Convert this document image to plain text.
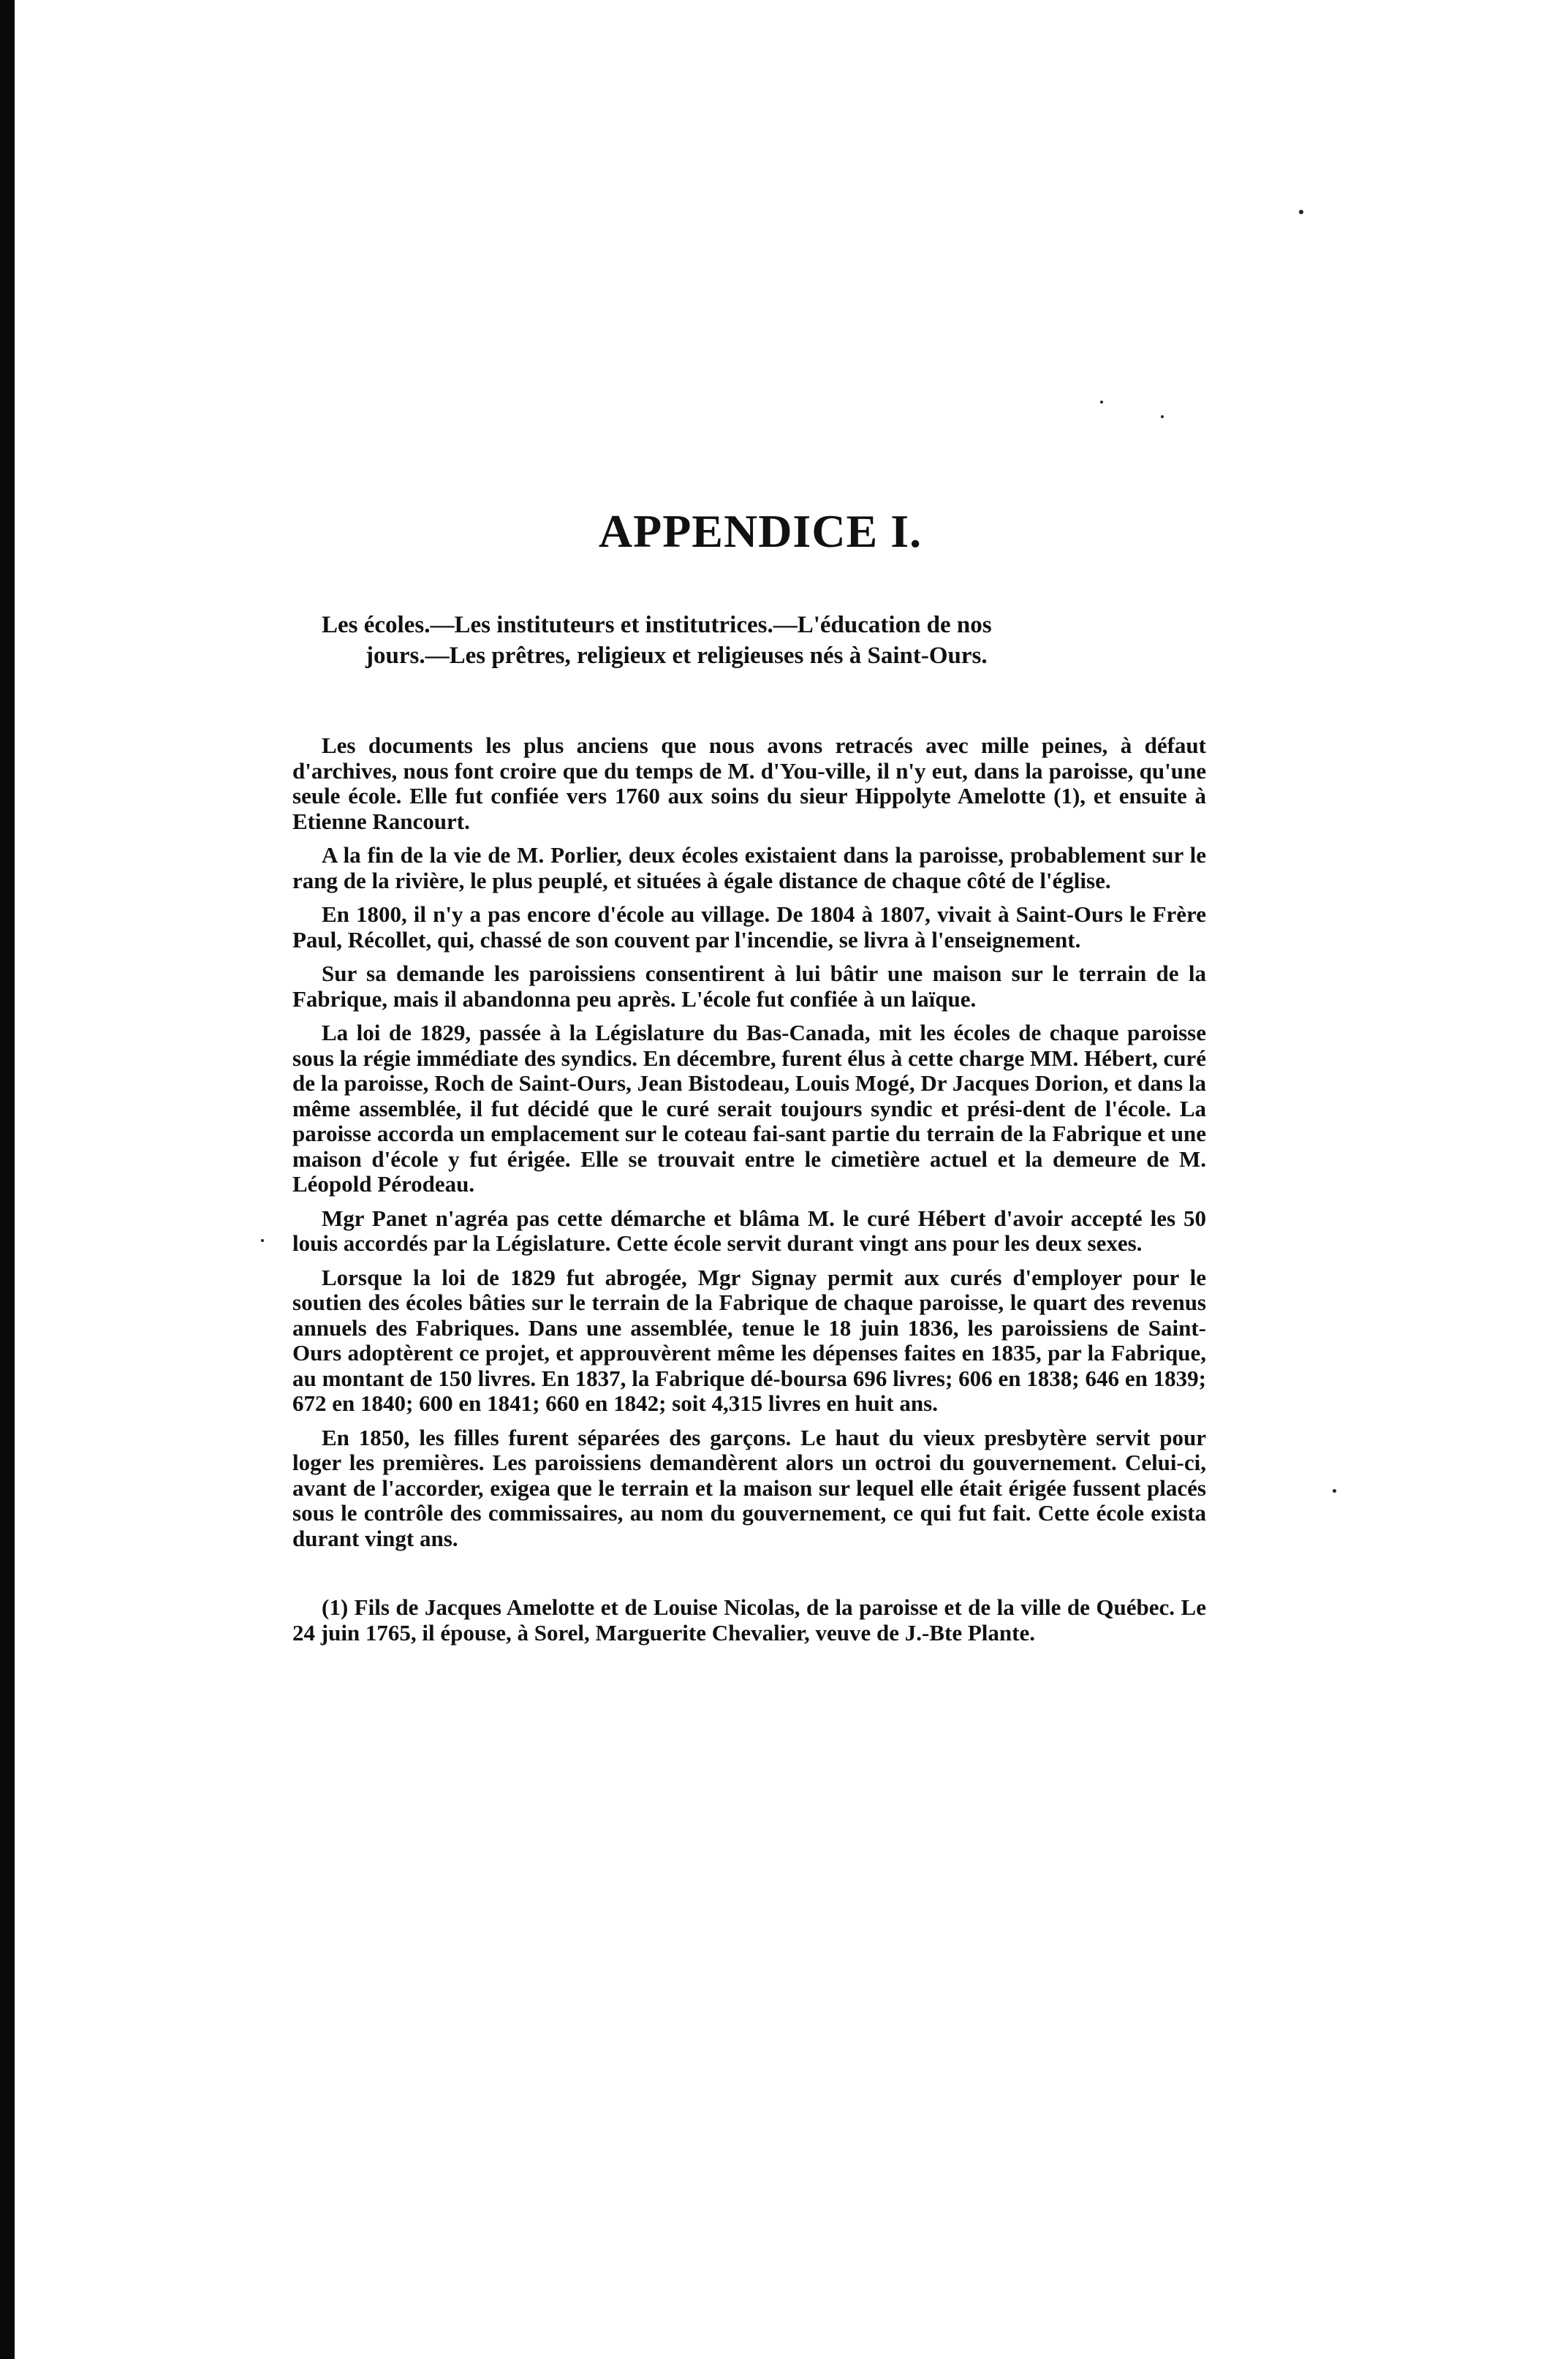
APPENDICE I.

Les écoles.—Les instituteurs et institutrices.—L'éducation de nos
jours.—Les prêtres, religieux et religieuses nés à Saint-Ours.

Les documents les plus anciens que nous avons retracés avec mille peines, à défaut d'archives, nous font croire que du temps de M. d'You-ville, il n'y eut, dans la paroisse, qu'une seule école. Elle fut confiée vers 1760 aux soins du sieur Hippolyte Amelotte (1), et ensuite à Etienne Rancourt.

A la fin de la vie de M. Porlier, deux écoles existaient dans la paroisse, probablement sur le rang de la rivière, le plus peuplé, et situées à égale distance de chaque côté de l'église.

En 1800, il n'y a pas encore d'école au village. De 1804 à 1807, vivait à Saint-Ours le Frère Paul, Récollet, qui, chassé de son couvent par l'incendie, se livra à l'enseignement.

Sur sa demande les paroissiens consentirent à lui bâtir une maison sur le terrain de la Fabrique, mais il abandonna peu après. L'école fut confiée à un laïque.

La loi de 1829, passée à la Législature du Bas-Canada, mit les écoles de chaque paroisse sous la régie immédiate des syndics. En décembre, furent élus à cette charge MM. Hébert, curé de la paroisse, Roch de Saint-Ours, Jean Bistodeau, Louis Mogé, Dr Jacques Dorion, et dans la même assemblée, il fut décidé que le curé serait toujours syndic et prési-dent de l'école. La paroisse accorda un emplacement sur le coteau fai-sant partie du terrain de la Fabrique et une maison d'école y fut érigée. Elle se trouvait entre le cimetière actuel et la demeure de M. Léopold Pérodeau.

Mgr Panet n'agréa pas cette démarche et blâma M. le curé Hébert d'avoir accepté les 50 louis accordés par la Législature. Cette école servit durant vingt ans pour les deux sexes.

Lorsque la loi de 1829 fut abrogée, Mgr Signay permit aux curés d'employer pour le soutien des écoles bâties sur le terrain de la Fabrique de chaque paroisse, le quart des revenus annuels des Fabriques. Dans une assemblée, tenue le 18 juin 1836, les paroissiens de Saint-Ours adoptèrent ce projet, et approuvèrent même les dépenses faites en 1835, par la Fabrique, au montant de 150 livres. En 1837, la Fabrique dé-boursa 696 livres; 606 en 1838; 646 en 1839; 672 en 1840; 600 en 1841; 660 en 1842; soit 4,315 livres en huit ans.

En 1850, les filles furent séparées des garçons. Le haut du vieux presbytère servit pour loger les premières. Les paroissiens demandèrent alors un octroi du gouvernement. Celui-ci, avant de l'accorder, exigea que le terrain et la maison sur lequel elle était érigée fussent placés sous le contrôle des commissaires, au nom du gouvernement, ce qui fut fait. Cette école exista durant vingt ans.

(1) Fils de Jacques Amelotte et de Louise Nicolas, de la paroisse et de la ville de Québec. Le 24 juin 1765, il épouse, à Sorel, Marguerite Chevalier, veuve de J.-Bte Plante.
